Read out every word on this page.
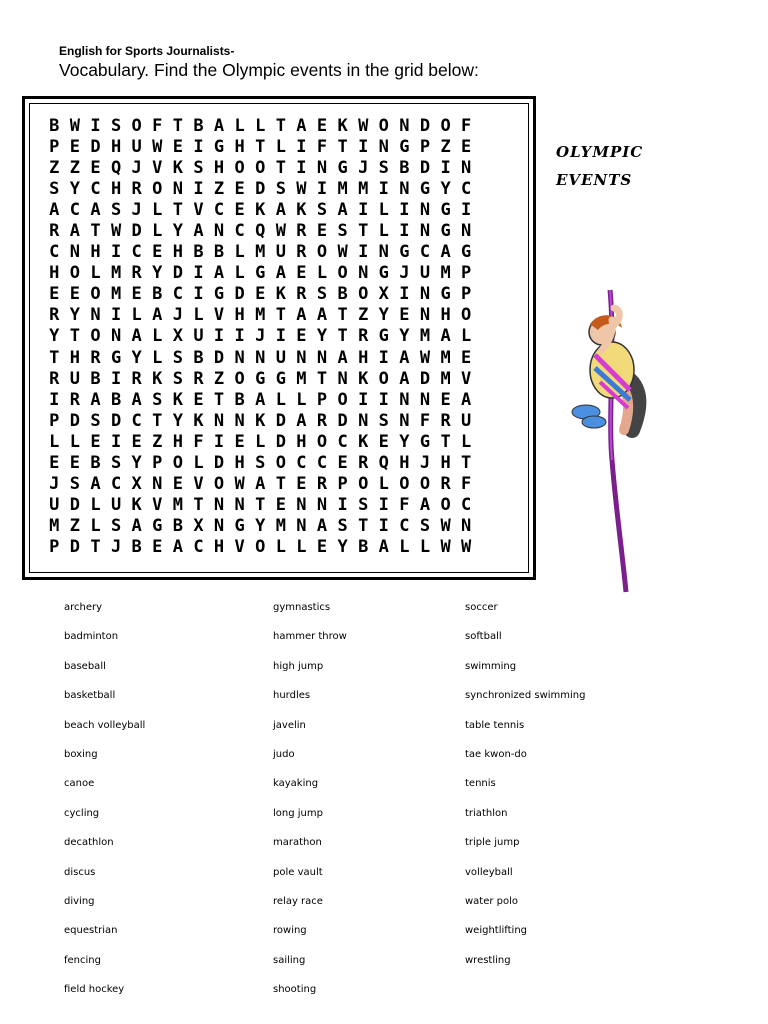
English for Sports Journalists-
Vocabulary. Find the Olympic events in the grid below:
B W I S O F T B A L L T A E K W O N D O F
P E D H U W E I G H T L I F T I N G P Z E
Z Z E Q J V K S H O O T I N G J S B D I N
S Y C H R O N I Z E D S W I M M I N G Y C
A C A S J L T V C E K A K S A I L I N G I
R A T W D L Y A N C Q W R E S T L I N G N
C N H I C E H B B L M U R O W I N G C A G
H O L M R Y D I A L G A E L O N G J U M P
E E O M E B C I G D E K R S B O X I N G P
R Y N I L A J L V H M T A A T Z Y E N H O
Y T O N A L X U I I J I E Y T R G Y M A L
T H R G Y L S B D N N U N N A H I A W M E
R U B I R K S R Z O G G M T N K O A D M V
I R A B A S K E T B A L L P O I I N N E A
P D S D C T Y K N N K D A R D N S N F R U
L L E I E Z H F I E L D H O C K E Y G T L
E E B S Y P O L D H S O C C E R Q H J H T
J S A C X N E V O W A T E R P O L O O R F
U D L U K V M T N N T E N N I S I F A O C
M Z L S A G B X N G Y M N A S T I C S W N
P D T J B E A C H V O L L E Y B A L L W W
OLYMPIC
EVENTS
archery
badminton
baseball
basketball
beach volleyball
boxing
canoe
cycling
decathlon
discus
diving
equestrian
fencing
field hockey
gymnastics
hammer throw
high jump
hurdles
javelin
judo
kayaking
long jump
marathon
pole vault
relay race
rowing
sailing
shooting
soccer
softball
swimming
synchronized swimming
table tennis
tae kwon-do
tennis
triathlon
triple jump
volleyball
water polo
weightlifting
wrestling
